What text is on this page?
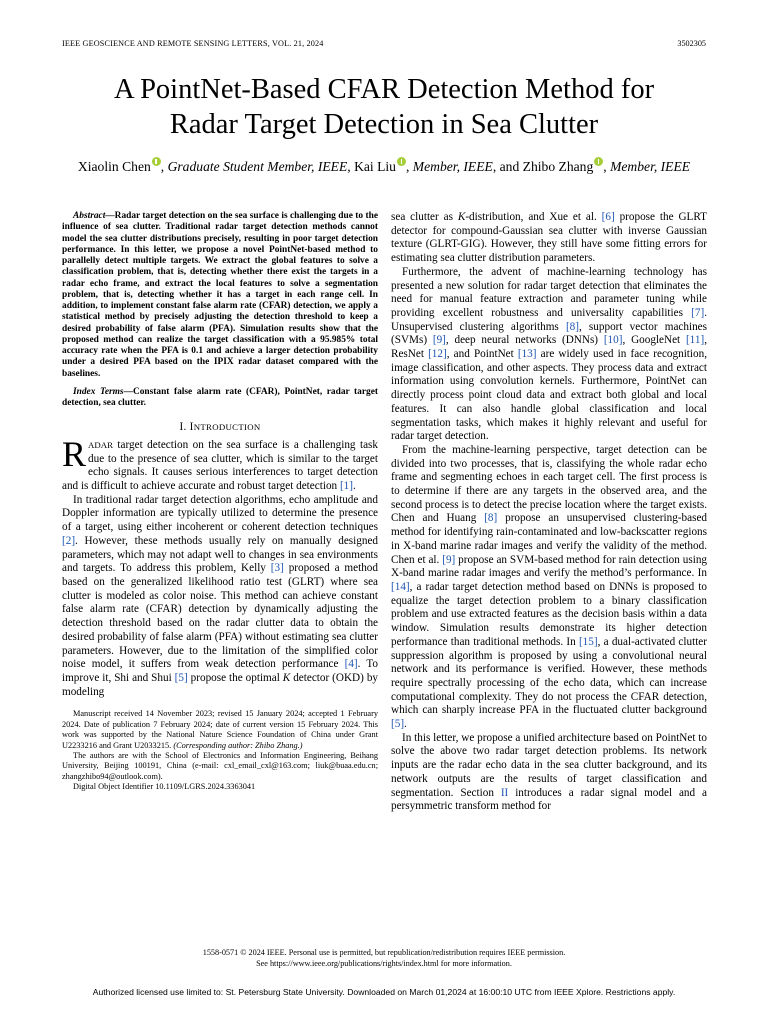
IEEE GEOSCIENCE AND REMOTE SENSING LETTERS, VOL. 21, 2024	3502305
A PointNet-Based CFAR Detection Method for
Radar Target Detection in Sea Clutter
Xiaolin Chen , Graduate Student Member, IEEE, Kai Liu , Member, IEEE, and Zhibo Zhang , Member, IEEE

Abstract—Radar target detection on the sea surface is challenging due to the influence of sea clutter. Traditional radar target detection methods cannot model the sea clutter distributions precisely, resulting in poor target detection performance. In this letter, we propose a novel PointNet-based method to parallelly detect multiple targets. We extract the global features to solve a classification problem, that is, detecting whether there exist the targets in a radar echo frame, and extract the local features to solve a segmentation problem, that is, detecting whether it has a target in each range cell. In addition, to implement constant false alarm rate (CFAR) detection, we apply a statistical method by precisely adjusting the detection threshold to keep a desired probability of false alarm (PFA). Simulation results show that the proposed method can realize the target classification with a 95.985% total accuracy rate when the PFA is 0.1 and achieve a larger detection probability under a desired PFA based on the IPIX radar dataset compared with the baselines.

Index Terms—Constant false alarm rate (CFAR), PointNet, radar target detection, sea clutter.

I. INTRODUCTION

RADAR target detection on the sea surface is a challenging task due to the presence of sea clutter, which is similar to the target echo signals. It causes serious interferences to target detection and is difficult to achieve accurate and robust target detection [1].

In traditional radar target detection algorithms, echo amplitude and Doppler information are typically utilized to determine the presence of a target, using either incoherent or coherent detection techniques [2]. However, these methods usually rely on manually designed parameters, which may not adapt well to changes in sea environments and targets. To address this problem, Kelly [3] proposed a method based on the generalized likelihood ratio test (GLRT) where sea clutter is modeled as color noise. This method can achieve constant false alarm rate (CFAR) detection by dynamically adjusting the detection threshold based on the radar clutter data to obtain the desired probability of false alarm (PFA) without estimating sea clutter parameters. However, due to the limitation of the simplified color noise model, it suffers from weak detection performance [4]. To improve it, Shi and Shui [5] propose the optimal K detector (OKD) by modeling

Manuscript received 14 November 2023; revised 15 January 2024; accepted 1 February 2024. Date of publication 7 February 2024; date of current version 15 February 2024. This work was supported by the National Nature Science Foundation of China under Grant U2233216 and Grant U2033215. (Corresponding author: Zhibo Zhang.)

The authors are with the School of Electronics and Information Engineering, Beihang University, Beijing 100191, China (e-mail: cxl_email_cxl@163.com; liuk@buaa.edu.cn; zhangzhibo94@outlook.com).

Digital Object Identifier 10.1109/LGRS.2024.3363041

sea clutter as K-distribution, and Xue et al. [6] propose the GLRT detector for compound-Gaussian sea clutter with inverse Gaussian texture (GLRT-GIG). However, they still have some fitting errors for estimating sea clutter distribution parameters.

Furthermore, the advent of machine-learning technology has presented a new solution for radar target detection that eliminates the need for manual feature extraction and parameter tuning while providing excellent robustness and universality capabilities [7]. Unsupervised clustering algorithms [8], support vector machines (SVMs) [9], deep neural networks (DNNs) [10], GoogleNet [11], ResNet [12], and PointNet [13] are widely used in face recognition, image classification, and other aspects. They process data and extract information using convolution kernels. Furthermore, PointNet can directly process point cloud data and extract both global and local features. It can also handle global classification and local segmentation tasks, which makes it highly relevant and useful for radar target detection.

From the machine-learning perspective, target detection can be divided into two processes, that is, classifying the whole radar echo frame and segmenting echoes in each target cell. The first process is to determine if there are any targets in the observed area, and the second process is to detect the precise location where the target exists. Chen and Huang [8] propose an unsupervised clustering-based method for identifying rain-contaminated and low-backscatter regions in X-band marine radar images and verify the validity of the method. Chen et al. [9] propose an SVM-based method for rain detection using X-band marine radar images and verify the method’s performance. In [14], a radar target detection method based on DNNs is proposed to equalize the target detection problem to a binary classification problem and use extracted features as the decision basis within a data window. Simulation results demonstrate its higher detection performance than traditional methods. In [15], a dual-activated clutter suppression algorithm is proposed by using a convolutional neural network and its performance is verified. However, these methods require spectrally processing of the echo data, which can increase computational complexity. They do not process the CFAR detection, which can sharply increase PFA in the fluctuated clutter background [5].

In this letter, we propose a unified architecture based on PointNet to solve the above two radar target detection problems. Its network inputs are the radar echo data in the sea clutter background, and its network outputs are the results of target classification and segmentation. Section II introduces a radar signal model and a persymmetric transform method for

1558-0571 © 2024 IEEE. Personal use is permitted, but republication/redistribution requires IEEE permission.
See https://www.ieee.org/publications/rights/index.html for more information.
Authorized licensed use limited to: St. Petersburg State University. Downloaded on March 01,2024 at 16:00:10 UTC from IEEE Xplore. Restrictions apply.
